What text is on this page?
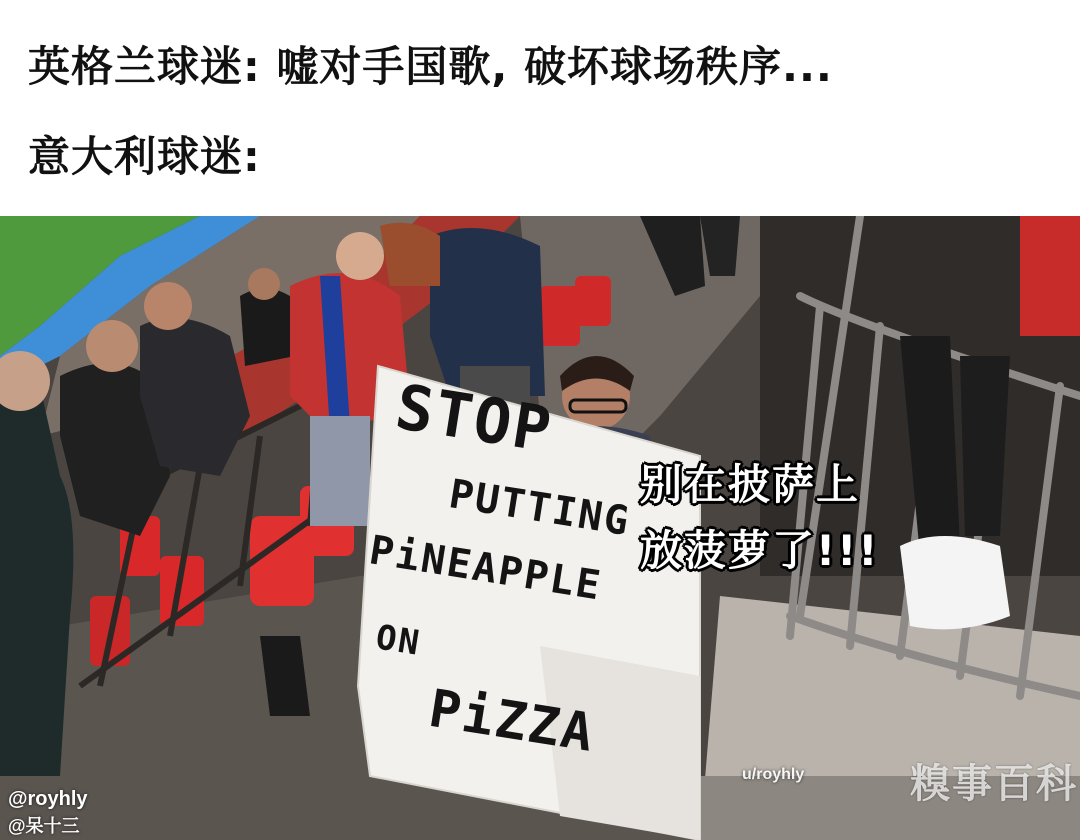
英格兰球迷: 嘘对手国歌, 破坏球场秩序...
意大利球迷:
STOP
PUTTING
PiNEAPPLE
ON
PiZZA
别在披萨上
放菠萝了!!!
u/royhly	糗事百科
@royhly
@呆十三
